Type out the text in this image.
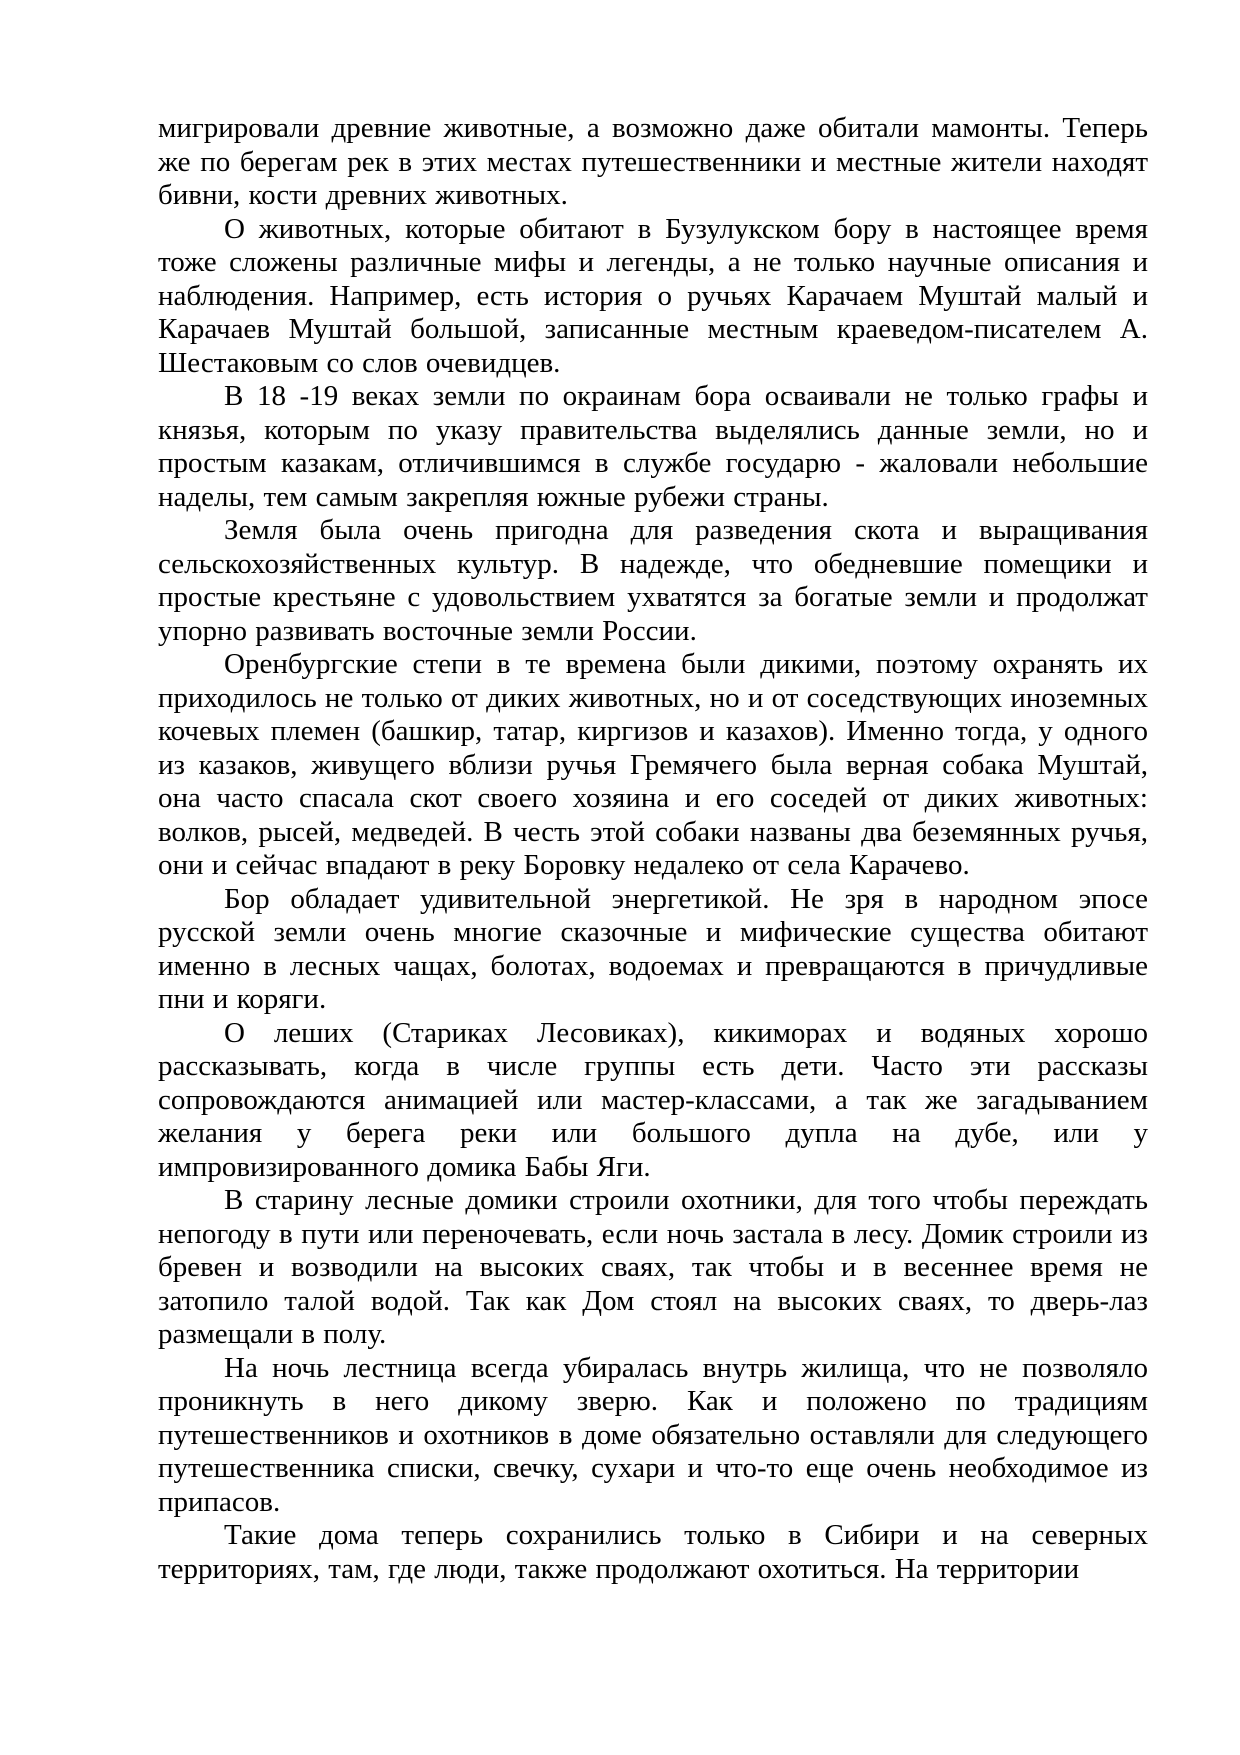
мигрировали древние животные, а возможно даже обитали мамонты. Теперь же по берегам рек в этих местах путешественники и местные жители находят бивни, кости древних животных.

О животных, которые обитают в Бузулукском бору в настоящее время тоже сложены различные мифы и легенды, а не только научные описания и наблюдения. Например, есть история о ручьях Карачаем Муштай малый и Карачаев Муштай большой, записанные местным краеведом-писателем А. Шестаковым со слов очевидцев.

В 18 -19 веках земли по окраинам бора осваивали не только графы и князья, которым по указу правительства выделялись данные земли, но и простым казакам, отличившимся в службе государю - жаловали небольшие наделы, тем самым закрепляя южные рубежи страны.

Земля была очень пригодна для разведения скота и выращивания сельскохозяйственных культур. В надежде, что обедневшие помещики и простые крестьяне с удовольствием ухватятся за богатые земли и продолжат упорно развивать восточные земли России.

Оренбургские степи в те времена были дикими, поэтому охранять их приходилось не только от диких животных, но и от соседствующих иноземных кочевых племен (башкир, татар, киргизов и казахов). Именно тогда, у одного из казаков, живущего вблизи ручья Гремячего была верная собака Муштай, она часто спасала скот своего хозяина и его соседей от диких животных: волков, рысей, медведей. В честь этой собаки названы два беземянных ручья, они и сейчас впадают в реку Боровку недалеко от села Карачево.

Бор обладает удивительной энергетикой. Не зря в народном эпосе русской земли очень многие сказочные и мифические существа обитают именно в лесных чащах, болотах, водоемах и превращаются в причудливые пни и коряги.

О леших (Стариках Лесовиках), кикиморах и водяных хорошо рассказывать, когда в числе группы есть дети. Часто эти рассказы сопровождаются анимацией или мастер-классами, а так же загадыванием желания у берега реки или большого дупла на дубе, или у импровизированного домика Бабы Яги.

В старину лесные домики строили охотники, для того чтобы переждать непогоду в пути или переночевать, если ночь застала в лесу. Домик строили из бревен и возводили на высоких сваях, так чтобы и в весеннее время не затопило талой водой. Так как Дом стоял на высоких сваях, то дверь-лаз размещали в полу.

На ночь лестница всегда убиралась внутрь жилища, что не позволяло проникнуть в него дикому зверю. Как и положено по традициям путешественников и охотников в доме обязательно оставляли для следующего путешественника списки, свечку, сухари и что-то еще очень необходимое из припасов.

Такие дома теперь сохранились только в Сибири и на северных территориях, там, где люди, также продолжают охотиться. На территории
